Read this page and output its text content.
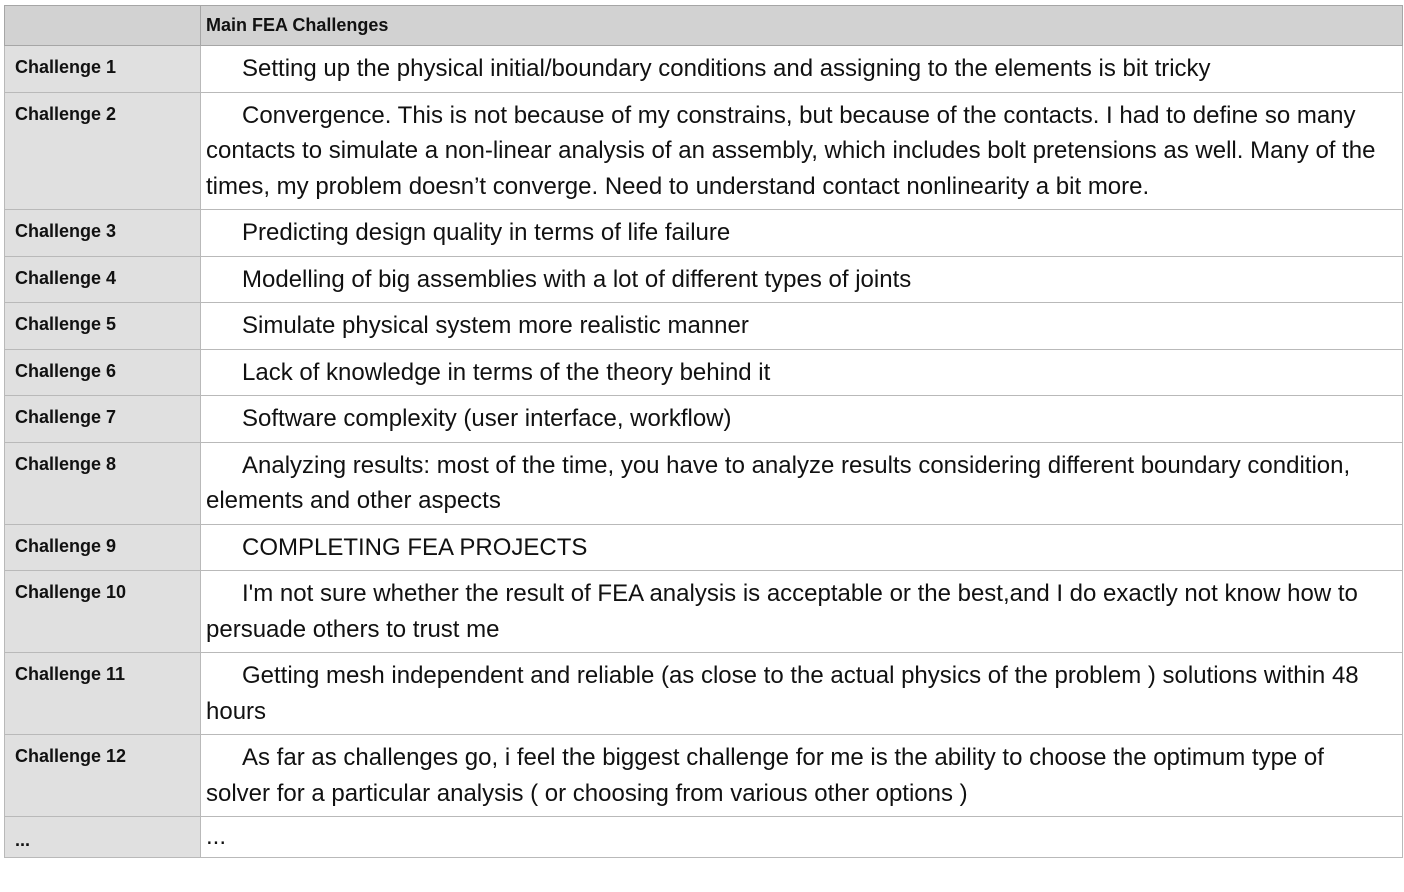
	Main FEA Challenges
Challenge 1	Setting up the physical initial/boundary conditions and assigning to the elements is bit tricky
Challenge 2	Convergence. This is not because of my constrains, but because of the contacts. I had to define so many contacts to simulate a non-linear analysis of an assembly, which includes bolt pretensions as well. Many of the times, my problem doesn’t converge. Need to understand contact nonlinearity a bit more.
Challenge 3	Predicting design quality in terms of life failure
Challenge 4	Modelling of big assemblies with a lot of different types of joints
Challenge 5	Simulate physical system more realistic manner
Challenge 6	Lack of knowledge in terms of the theory behind it
Challenge 7	Software complexity (user interface, workflow)
Challenge 8	Analyzing results: most of the time, you have to analyze results considering different boundary condition, elements and other aspects
Challenge 9	COMPLETING FEA PROJECTS
Challenge 10	I'm not sure whether the result of FEA analysis is acceptable or the best,and I do exactly not know how to persuade others to trust me
Challenge 11	Getting mesh independent and reliable (as close to the actual physics of the problem ) solutions within 48 hours
Challenge 12	As far as challenges go, i feel the biggest challenge for me is the ability to choose the optimum type of solver for a particular analysis ( or choosing from various other options )
...	...
